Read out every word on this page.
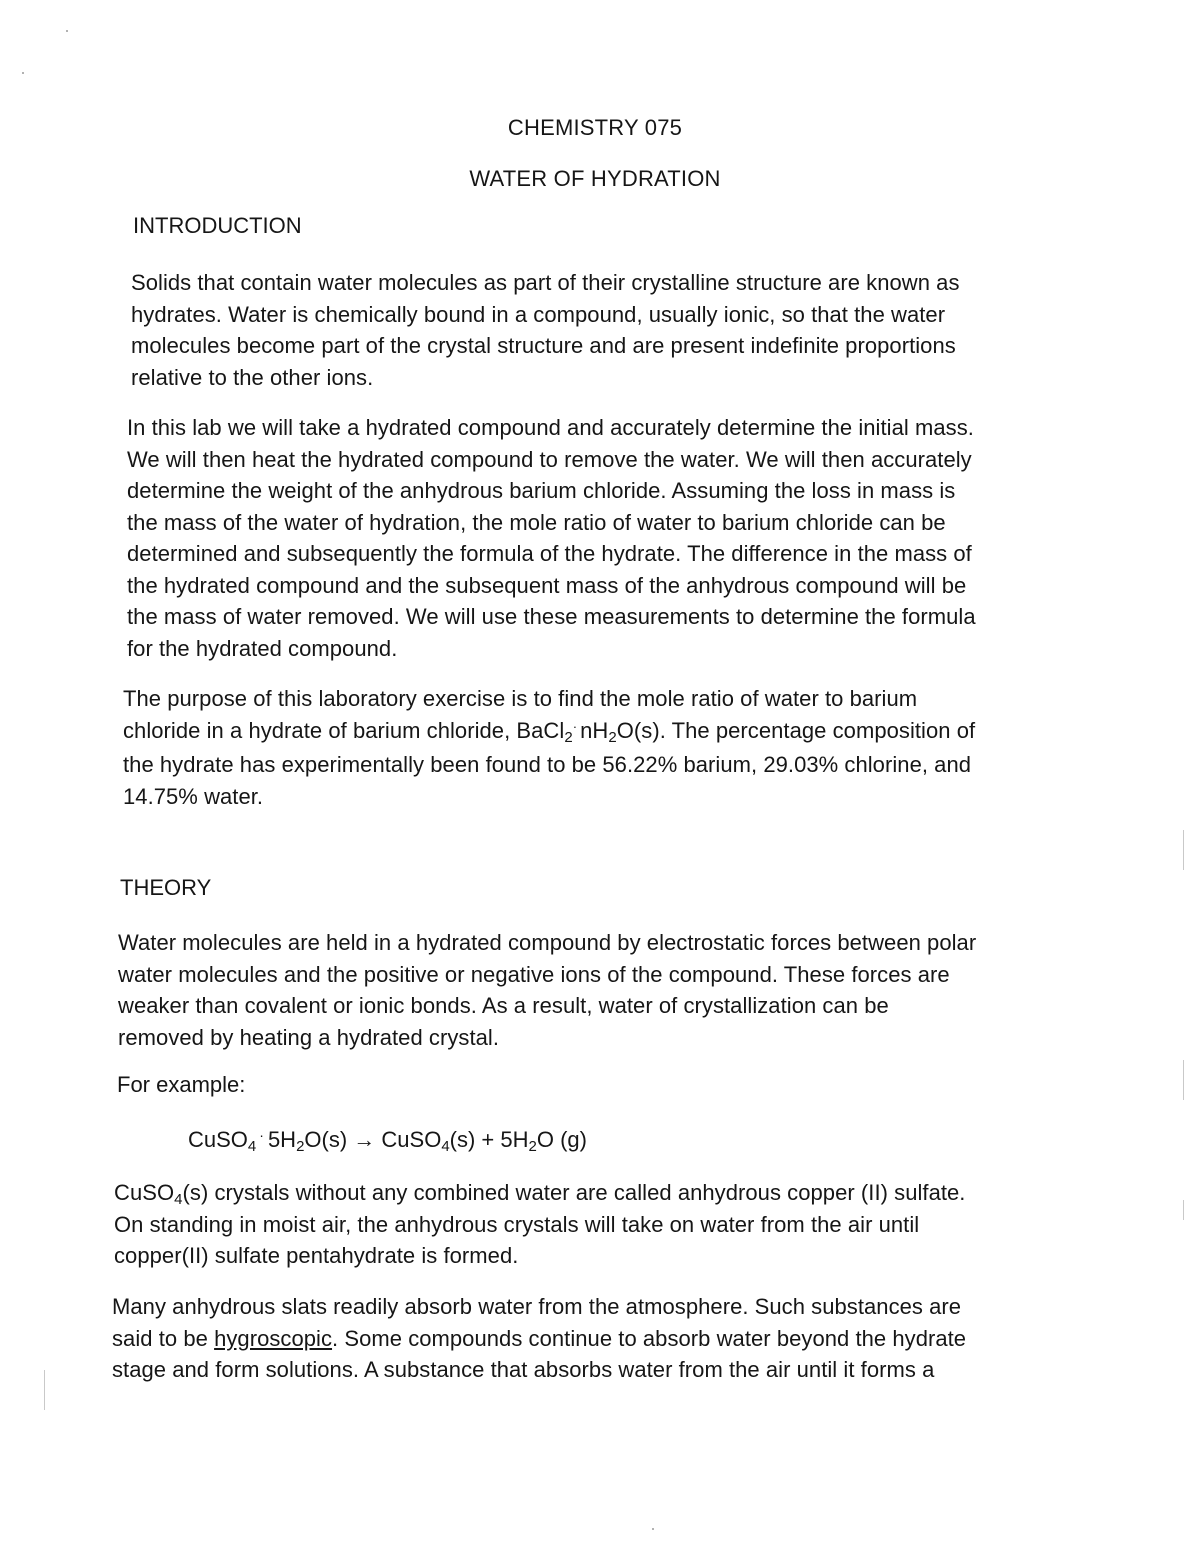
CHEMISTRY 075
WATER OF HYDRATION
INTRODUCTION
Solids that contain water molecules as part of their crystalline structure are known as
hydrates. Water is chemically bound in a compound, usually ionic, so that the water
molecules become part of the crystal structure and are present indefinite proportions
relative to the other ions.
In this lab we will take a hydrated compound and accurately determine the initial mass.
We will then heat the hydrated compound to remove the water. We will then accurately
determine the weight of the anhydrous barium chloride. Assuming the loss in mass is
the mass of the water of hydration, the mole ratio of water to barium chloride can be
determined and subsequently the formula of the hydrate. The difference in the mass of
the hydrated compound and the subsequent mass of the anhydrous compound will be
the mass of water removed. We will use these measurements to determine the formula
for the hydrated compound.
The purpose of this laboratory exercise is to find the mole ratio of water to barium
chloride in a hydrate of barium chloride, BaCl$_2$· $nH_2O(s)$. The percentage composition of
the hydrate has experimentally been found to be 56.22% barium, 29.03% chlorine, and
14.75% water.
THEORY
Water molecules are held in a hydrated compound by electrostatic forces between polar
water molecules and the positive or negative ions of the compound. These forces are
weaker than covalent or ionic bonds. As a result, water of crystallization can be
removed by heating a hydrated crystal.
For example:
CuSO$_4$· $5H_2O(s)$ → CuSO$_4$(s) + $5H_2O$ (g)
CuSO$_4$(s) crystals without any combined water are called anhydrous copper (II) sulfate.
On standing in moist air, the anhydrous crystals will take on water from the air until
copper(II) sulfate pentahydrate is formed.
Many anhydrous slats readily absorb water from the atmosphere. Such substances are
said to be hygroscopic. Some compounds continue to absorb water beyond the hydrate
stage and form solutions. A substance that absorbs water from the air until it forms a
